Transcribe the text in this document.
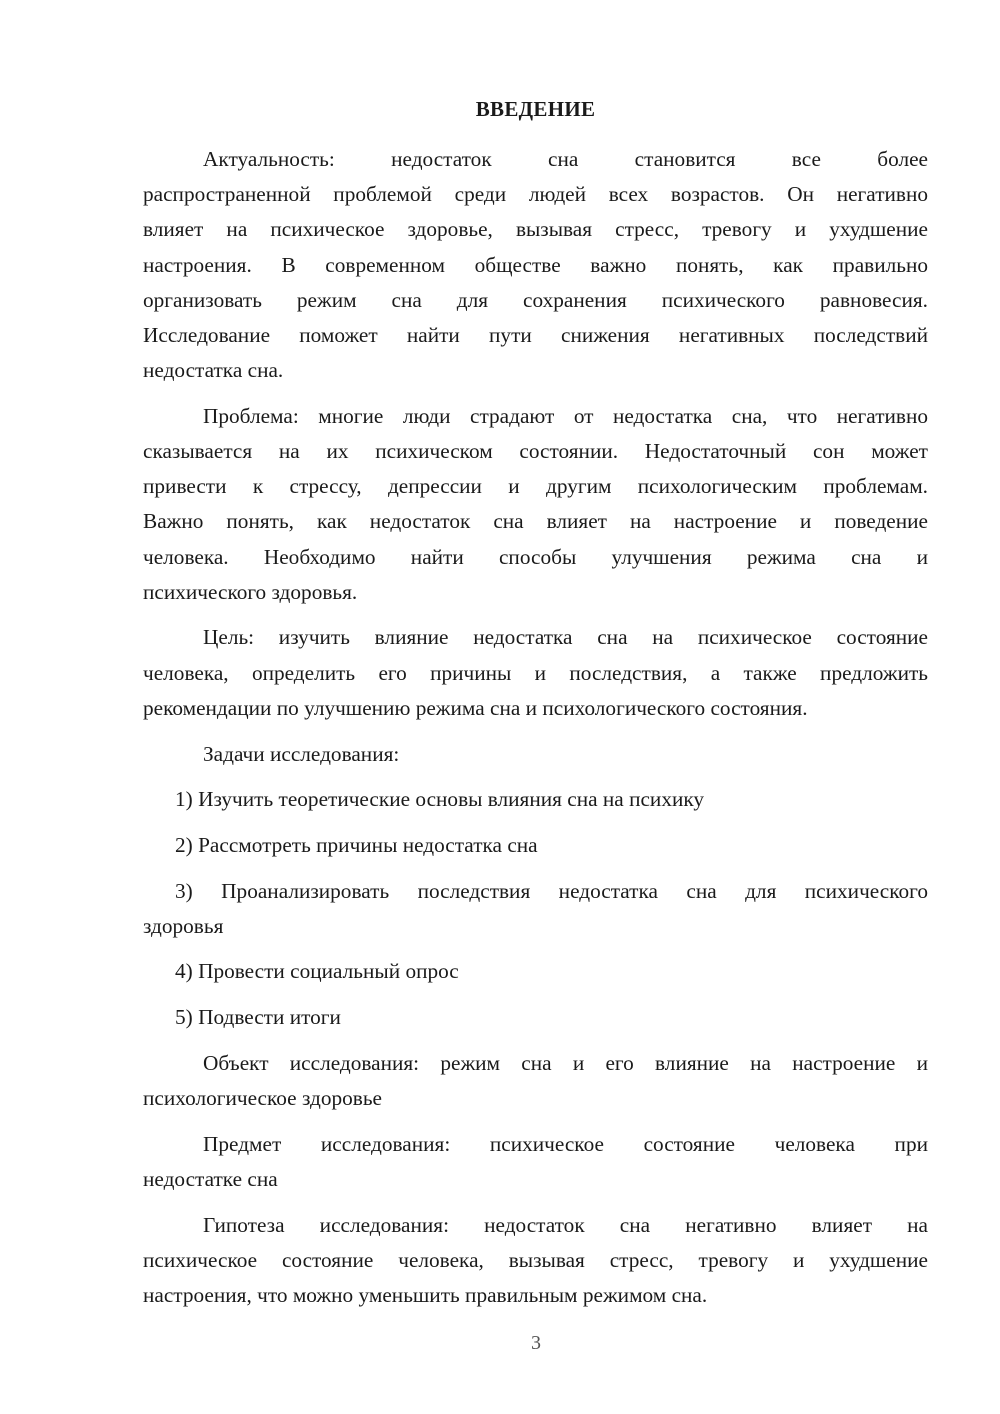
ВВЕДЕНИЕ
Актуальность: недостаток сна становится все более
распространенной проблемой среди людей всех возрастов. Он негативно
влияет на психическое здоровье, вызывая стресс, тревогу и ухудшение
настроения. В современном обществе важно понять, как правильно
организовать режим сна для сохранения психического равновесия.
Исследование поможет найти пути снижения негативных последствий
недостатка сна.
Проблема: многие люди страдают от недостатка сна, что негативно
сказывается на их психическом состоянии. Недостаточный сон может
привести к стрессу, депрессии и другим психологическим проблемам.
Важно понять, как недостаток сна влияет на настроение и поведение
человека. Необходимо найти способы улучшения режима сна и
психического здоровья.
Цель: изучить влияние недостатка сна на психическое состояние
человека, определить его причины и последствия, а также предложить
рекомендации по улучшению режима сна и психологического состояния.
Задачи исследования:
1) Изучить теоретические основы влияния сна на психику
2) Рассмотреть причины недостатка сна
3) Проанализировать последствия недостатка сна для психического
здоровья
4) Провести социальный опрос
5) Подвести итоги
Объект исследования: режим сна и его влияние на настроение и
психологическое здоровье
Предмет исследования: психическое состояние человека при
недостатке сна
Гипотеза исследования: недостаток сна негативно влияет на
психическое состояние человека, вызывая стресс, тревогу и ухудшение
настроения, что можно уменьшить правильным режимом сна.
3
